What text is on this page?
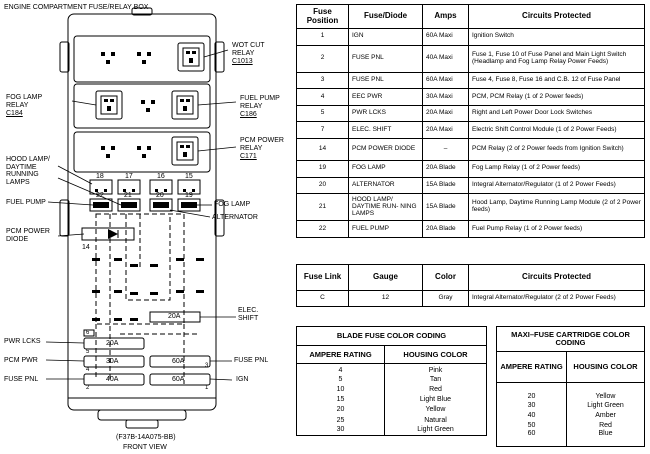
ENGINE COMPARTMENT FUSE/RELAY BOX
WOT CUT
RELAY
C1013
FOG LAMP
RELAY
C184
FUEL PUMP
RELAY
C186
PCM POWER
RELAY
C171
HOOD LAMP/
DAYTIME
RUNNING
LAMPS
FUEL PUMP
PCM POWER
DIODE
FOG LAMP
ALTERNATOR
ELEC.
SHIFT
PWR LCKS
PCM PWR
FUSE PNL
FUSE PNL
IGN
18	17	16	15
22	21	20	19
14
6
5
4
3
2	1
20A
20A
30A
40A
60A
60A
(F37B-14A075-BB)
FRONT VIEW
Fuse Position	Fuse/Diode	Amps	Circuits Protected
1	IGN	60A Maxi	Ignition Switch
2	FUSE PNL	40A Maxi	Fuse 1, Fuse 10 of Fuse Panel and Main Light Switch (Headlamp and Fog Lamp Relay Power Feeds)
3	FUSE PNL	60A Maxi	Fuse 4, Fuse 8, Fuse 16 and C.B. 12 of Fuse Panel
4	EEC PWR	30A Maxi	PCM, PCM Relay (1 of 2 Power feeds)
5	PWR LCKS	20A Maxi	Right and Left Power Door Lock Switches
7	ELEC. SHIFT	20A Maxi	Electric Shift Control Module (1 of 2 Power Feeds)
14	PCM POWER DIODE	–	PCM Relay (2 of 2 Power feeds from Ignition Switch)
19	FOG LAMP	20A Blade	Fog Lamp Relay (1 of 2 Power feeds)
20	ALTERNATOR	15A Blade	Integral Alternator/Regulator (1 of 2 Power Feeds)
21	HOOD LAMP/ DAYTIME RUN- NING LAMPS	15A Blade	Hood Lamp, Daytime Running Lamp Module (2 of 2 Power feeds)
22	FUEL PUMP	20A Blade	Fuel Pump Relay (1 of 2 Power feeds)
Fuse Link	Gauge	Color	Circuits Protected
C	12	Gray	Integral Alternator/Regulator (2 of 2 Power Feeds)
BLADE FUSE COLOR CODING	
AMPERE RATING	HOUSING COLOR
4	Pink
5	Tan
10	Red
15	Light Blue
20	Yellow
25	Natural
30	Light Green
MAXI–FUSE CARTRIDGE COLOR CODING	
AMPERE RATING	HOUSING COLOR
20	Yellow
30	Light Green
40	Amber
50	Red
60	Blue
